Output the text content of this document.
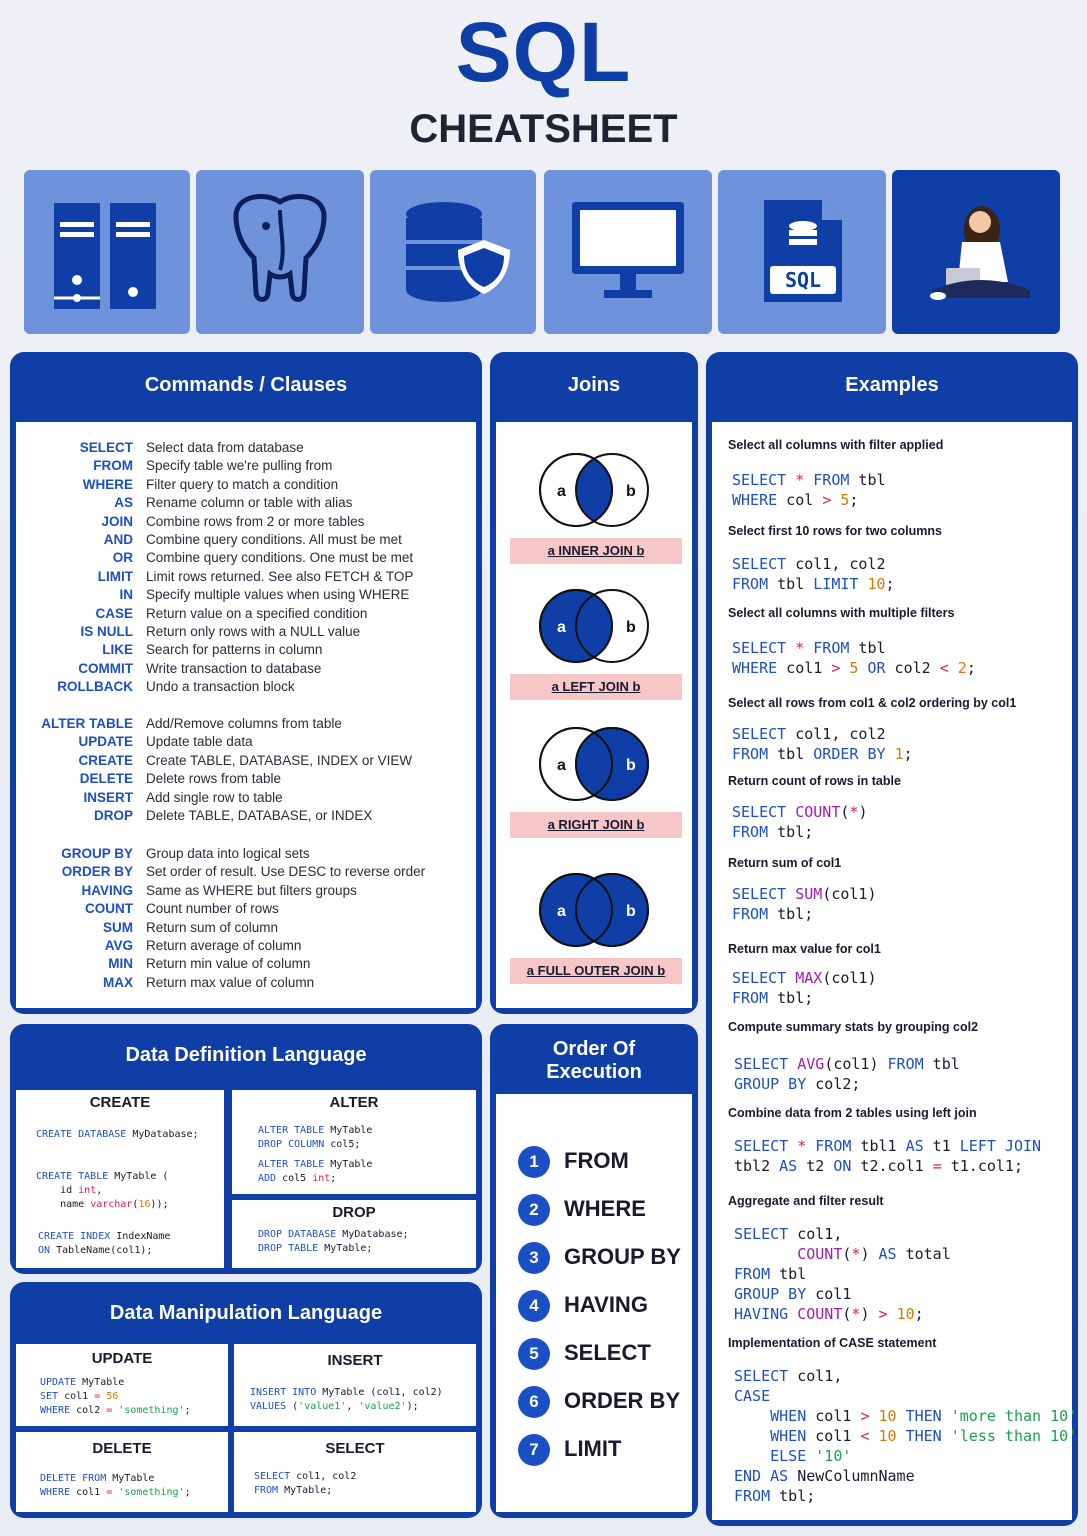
SQL
CHEATSHEET
SQL
Commands / Clauses
SELECT Select data from database
FROM Specify table we're pulling from
WHERE Filter query to match a condition
AS Rename column or table with alias
JOIN Combine rows from 2 or more tables
AND Combine query conditions. All must be met
OR Combine query conditions. One must be met
LIMIT Limit rows returned. See also FETCH & TOP
IN Specify multiple values when using WHERE
CASE Return value on a specified condition
IS NULL Return only rows with a NULL value
LIKE Search for patterns in column
COMMIT Write transaction to database
ROLLBACK Undo a transaction block
ALTER TABLE Add/Remove columns from table
UPDATE Update table data
CREATE Create TABLE, DATABASE, INDEX or VIEW
DELETE Delete rows from table
INSERT Add single row to table
DROP Delete TABLE, DATABASE, or INDEX
GROUP BY Group data into logical sets
ORDER BY Set order of result. Use DESC to reverse order
HAVING Same as WHERE but filters groups
COUNT Count number of rows
SUM Return sum of column
AVG Return average of column
MIN Return min value of column
MAX Return max value of column
Joins
a	b
a INNER JOIN b
a	b
a LEFT JOIN b
a	b
a RIGHT JOIN b
a	b
a FULL OUTER JOIN b
Examples
Select all columns with filter applied
SELECT * FROM tbl
WHERE col > 5;
Select first 10 rows for two columns
SELECT col1, col2
FROM tbl LIMIT 10;
Select all columns with multiple filters
SELECT * FROM tbl
WHERE col1 > 5 OR col2 < 2;
Select all rows from col1 & col2 ordering by col1
SELECT col1, col2
FROM tbl ORDER BY 1;
Return count of rows in table
SELECT COUNT(*)
FROM tbl;
Return sum of col1
SELECT SUM(col1)
FROM tbl;
Return max value for col1
SELECT MAX(col1)
FROM tbl;
Compute summary stats by grouping col2
SELECT AVG(col1) FROM tbl
GROUP BY col2;
Combine data from 2 tables using left join
SELECT * FROM tbl1 AS t1 LEFT JOIN
tbl2 AS t2 ON t2.col1 = t1.col1;
Aggregate and filter result
SELECT col1,
COUNT(*) AS total
FROM tbl
GROUP BY col1
HAVING COUNT(*) > 10;
Implementation of CASE statement
SELECT col1,
CASE
WHEN col1 > 10 THEN 'more than 10'
WHEN col1 < 10 THEN 'less than 10'
ELSE '10'
END AS NewColumnName
FROM tbl;
Data Definition Language
CREATE
CREATE DATABASE MyDatabase;
CREATE TABLE MyTable (
id int,
name varchar(16));
CREATE INDEX IndexName
ON TableName(col1);
ALTER
ALTER TABLE MyTable
DROP COLUMN col5;
ALTER TABLE MyTable
ADD col5 int;
DROP
DROP DATABASE MyDatabase;
DROP TABLE MyTable;
Data Manipulation Language
UPDATE
UPDATE MyTable
SET col1 = 56
WHERE col2 = 'something';
INSERT
INSERT INTO MyTable (col1, col2)
VALUES ('value1', 'value2');
DELETE
DELETE FROM MyTable
WHERE col1 = 'something';
SELECT
SELECT col1, col2
FROM MyTable;
Order Of
Execution
1	FROM
2	WHERE
3	GROUP BY
4	HAVING
5	SELECT
6	ORDER BY
7	LIMIT
